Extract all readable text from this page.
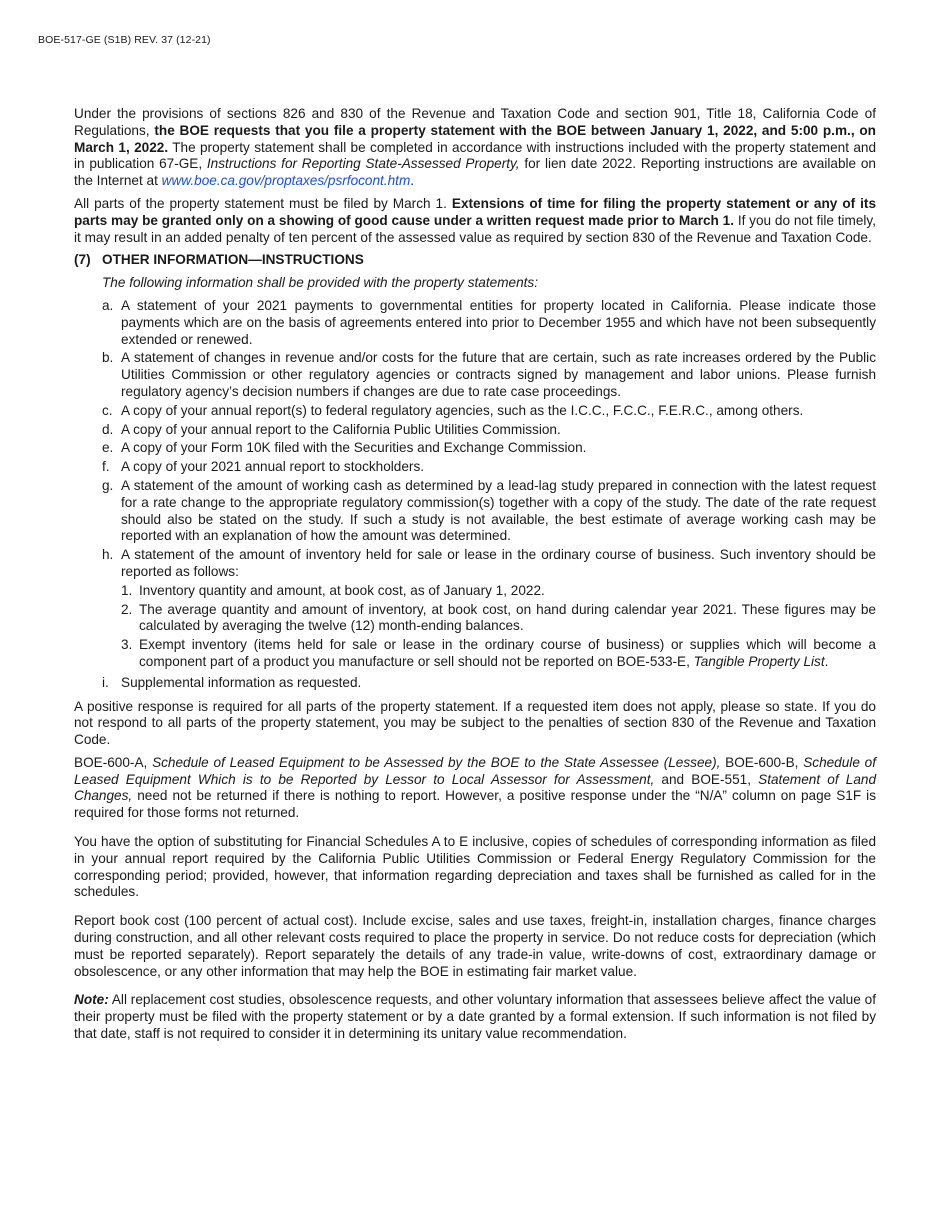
BOE-517-GE (S1B) REV. 37 (12-21)

Under the provisions of sections 826 and 830 of the Revenue and Taxation Code and section 901, Title 18, California Code of Regulations, the BOE requests that you file a property statement with the BOE between January 1, 2022, and 5:00 p.m., on March 1, 2022. The property statement shall be completed in accordance with instructions included with the property statement and in publication 67-GE, Instructions for Reporting State-Assessed Property, for lien date 2022. Reporting instructions are available on the Internet at www.boe.ca.gov/proptaxes/psrfocont.htm.

All parts of the property statement must be filed by March 1. Extensions of time for filing the property statement or any of its parts may be granted only on a showing of good cause under a written request made prior to March 1. If you do not file timely, it may result in an added penalty of ten percent of the assessed value as required by section 830 of the Revenue and Taxation Code.

(7) OTHER INFORMATION—INSTRUCTIONS

The following information shall be provided with the property statements:

a. A statement of your 2021 payments to governmental entities for property located in California. Please indicate those payments which are on the basis of agreements entered into prior to December 1955 and which have not been subsequently extended or renewed.
b. A statement of changes in revenue and/or costs for the future that are certain, such as rate increases ordered by the Public Utilities Commission or other regulatory agencies or contracts signed by management and labor unions. Please furnish regulatory agency’s decision numbers if changes are due to rate case proceedings.
c. A copy of your annual report(s) to federal regulatory agencies, such as the I.C.C., F.C.C., F.E.R.C., among others.
d. A copy of your annual report to the California Public Utilities Commission.
e. A copy of your Form 10K filed with the Securities and Exchange Commission.
f. A copy of your 2021 annual report to stockholders.
g. A statement of the amount of working cash as determined by a lead-lag study prepared in connection with the latest request for a rate change to the appropriate regulatory commission(s) together with a copy of the study. The date of the rate request should also be stated on the study. If such a study is not available, the best estimate of average working cash may be reported with an explanation of how the amount was determined.
h. A statement of the amount of inventory held for sale or lease in the ordinary course of business. Such inventory should be reported as follows:
1. Inventory quantity and amount, at book cost, as of January 1, 2022.
2. The average quantity and amount of inventory, at book cost, on hand during calendar year 2021. These figures may be calculated by averaging the twelve (12) month-ending balances.
3. Exempt inventory (items held for sale or lease in the ordinary course of business) or supplies which will become a component part of a product you manufacture or sell should not be reported on BOE-533-E, Tangible Property List.
i. Supplemental information as requested.

A positive response is required for all parts of the property statement. If a requested item does not apply, please so state. If you do not respond to all parts of the property statement, you may be subject to the penalties of section 830 of the Revenue and Taxation Code.

BOE-600-A, Schedule of Leased Equipment to be Assessed by the BOE to the State Assessee (Lessee), BOE-600-B, Schedule of Leased Equipment Which is to be Reported by Lessor to Local Assessor for Assessment, and BOE-551, Statement of Land Changes, need not be returned if there is nothing to report. However, a positive response under the “N/A” column on page S1F is required for those forms not returned.

You have the option of substituting for Financial Schedules A to E inclusive, copies of schedules of corresponding information as filed in your annual report required by the California Public Utilities Commission or Federal Energy Regulatory Commission for the corresponding period; provided, however, that information regarding depreciation and taxes shall be furnished as called for in the schedules.

Report book cost (100 percent of actual cost). Include excise, sales and use taxes, freight-in, installation charges, finance charges during construction, and all other relevant costs required to place the property in service. Do not reduce costs for depreciation (which must be reported separately). Report separately the details of any trade-in value, write-downs of cost, extraordinary damage or obsolescence, or any other information that may help the BOE in estimating fair market value.

Note: All replacement cost studies, obsolescence requests, and other voluntary information that assessees believe affect the value of their property must be filed with the property statement or by a date granted by a formal extension. If such information is not filed by that date, staff is not required to consider it in determining its unitary value recommendation.
